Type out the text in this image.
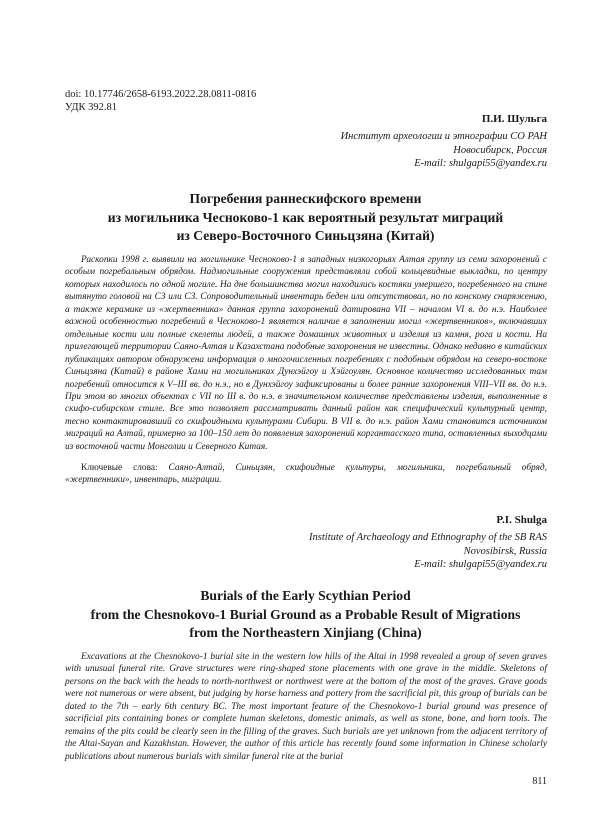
doi: 10.17746/2658-6193.2022.28.0811-0816
УДК 392.81
П.И. Шульга
Институт археологии и этнографии СО РАН
Новосибирск, Россия
E-mail: shulgapi55@yandex.ru
Погребения раннескифского времени
из могильника Чесноково-1 как вероятный результат миграций
из Северо-Восточного Синьцзяна (Китай)

Раскопки 1998 г. выявили на могильнике Чесноково-1 в западных низкогорьях Алтая группу из семи захоронений с особым погребальным обрядом. Надмогильные сооружения представляли собой кольцевидные выкладки, по центру которых находилось по одной могиле. На дне большинства могил находились костяки умершего, погребенного на спине вытянуто головой на СЗ или СЗ. Сопроводительный инвентарь беден или отсутствовал, но по конскому снаряжению, а также керамике из «жертвенника» данная группа захоронений датирована VII – началом VI в. до н.э. Наиболее важной особенностью погребений в Чесноково-1 является наличие в заполнении могил «жертвенников», включавших отдельные кости или полные скелеты людей, а также домашних животных и изделия из камня, рога и кости. На прилегающей территории Саяно-Алтая и Казахстана подобные захоронения не известны. Однако недавно в китайских публикациях автором обнаружена информация о многочисленных погребениях с подобным обрядом на северо-востоке Синьцзяна (Китай) в районе Хами на могильниках Дунхэйгоу и Хэйгоулян. Основное количество исследованных там погребений относится к V–III вв. до н.э., но в Дунхэйгоу зафиксированы и более ранние захоронения VIII–VII вв. до н.э. При этом во многих объектах с VII по III в. до н.э. в значительном количестве представлены изделия, выполненные в скифо-сибирском стиле. Все это позволяет рассматривать данный район как специфический культурный центр, тесно контактировавший со скифоидными культурами Сибири. В VII в. до н.э. район Хами становится источником миграций на Алтай, примерно за 100–150 лет до появления захоронений коргантасского типа, оставленных выходцами из восточной части Монголии и Северного Китая.

Ключевые слова: Саяно-Алтай, Синьцзян, скифоидные культуры, могильники, погребальный обряд, «жертвенники», инвентарь, миграции.

P.I. Shulga
Institute of Archaeology and Ethnography of the SB RAS
Novosibirsk, Russia
E-mail: shulgapi55@yandex.ru
Burials of the Early Scythian Period
from the Chesnokovo-1 Burial Ground as a Probable Result of Migrations
from the Northeastern Xinjiang (China)

Excavations at the Chesnokovo-1 burial site in the western low hills of the Altai in 1998 revealed a group of seven graves with unusual funeral rite. Grave structures were ring-shaped stone placements with one grave in the middle. Skeletons of persons on the back with the heads to north-northwest or northwest were at the bottom of the most of the graves. Grave goods were not numerous or were absent, but judging by horse harness and pottery from the sacrificial pit, this group of burials can be dated to the 7th – early 6th century BC. The most important feature of the Chesnokovo-1 burial ground was presence of sacrificial pits containing bones or complete human skeletons, domestic animals, as well as stone, bone, and horn tools. The remains of the pits could be clearly seen in the filling of the graves. Such burials are yet unknown from the adjacent territory of the Altai-Sayan and Kazakhstan. However, the author of this article has recently found some information in Chinese scholarly publications about numerous burials with similar funeral rite at the burial

811
